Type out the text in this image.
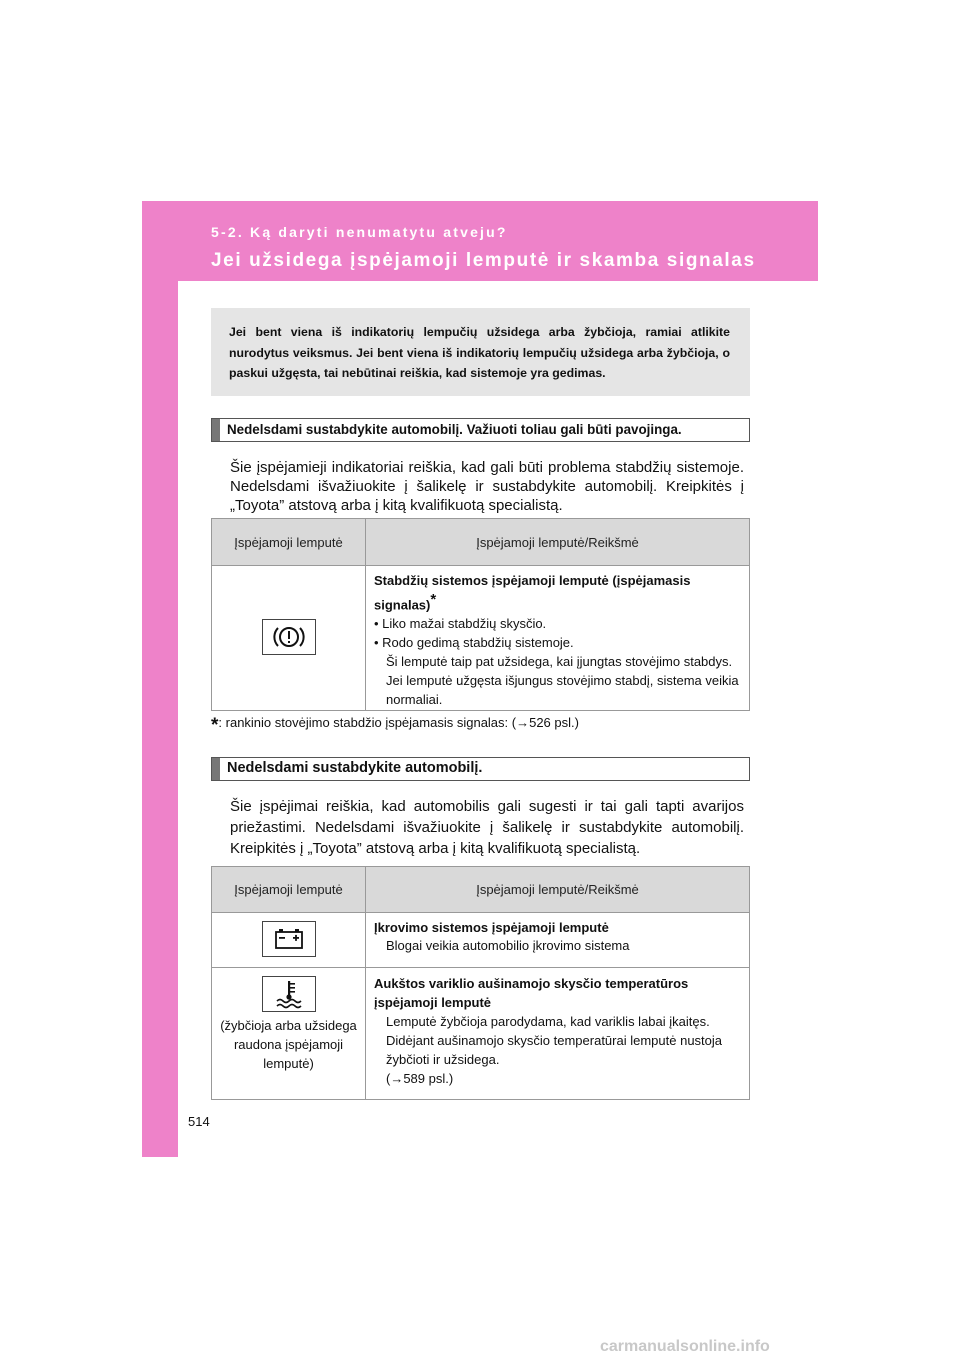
5-2. Ką daryti nenumatytu atveju?
Jei užsidega įspėjamoji lemputė ir skamba signalas
Jei bent viena iš indikatorių lempučių užsidega arba žybčioja, ramiai atlikite nurodytus veiksmus. Jei bent viena iš indikatorių lempučių užsidega arba žybčioja, o paskui užgęsta, tai nebūtinai reiškia, kad sistemoje yra gedimas.
Nedelsdami sustabdykite automobilį. Važiuoti toliau gali būti pavojinga.
Šie įspėjamieji indikatoriai reiškia, kad gali būti problema stabdžių sistemoje. Nedelsdami išvažiuokite į šalikelę ir sustabdykite automobilį. Kreipkitės į „Toyota” atstovą arba į kitą kvalifikuotą specialistą.
Įspėjamoji lemputė	Įspėjamoji lemputė/Reikšmė

Stabdžių sistemos įspėjamoji lemputė (įspėjamasis signalas)*
• Liko mažai stabdžių skysčio.
• Rodo gedimą stabdžių sistemoje.
Ši lemputė taip pat užsidega, kai įjungtas stovėjimo stabdys. Jei lemputė užgęsta išjungus stovėjimo stabdį, sistema veikia normaliai.
*: rankinio stovėjimo stabdžio įspėjamasis signalas: (→526 psl.)
Nedelsdami sustabdykite automobilį.
Šie įspėjimai reiškia, kad automobilis gali sugesti ir tai gali tapti avarijos priežastimi. Nedelsdami išvažiuokite į šalikelę ir sustabdykite automobilį. Kreipkitės į „Toyota” atstovą arba į kitą kvalifikuotą specialistą.
Įspėjamoji lemputė	Įspėjamoji lemputė/Reikšmė

Įkrovimo sistemos įspėjamoji lemputė
Blogai veikia automobilio įkrovimo sistema

(žybčioja arba užsidega raudona įspėjamoji lemputė)	Aukštos variklio aušinamojo skysčio temperatūros įspėjamoji lemputė
Lemputė žybčioja parodydama, kad variklis labai įkaitęs. Didėjant aušinamojo skysčio temperatūrai lemputė nustoja žybčioti ir užsidega.
(→589 psl.)
514
carmanualsonline.info
